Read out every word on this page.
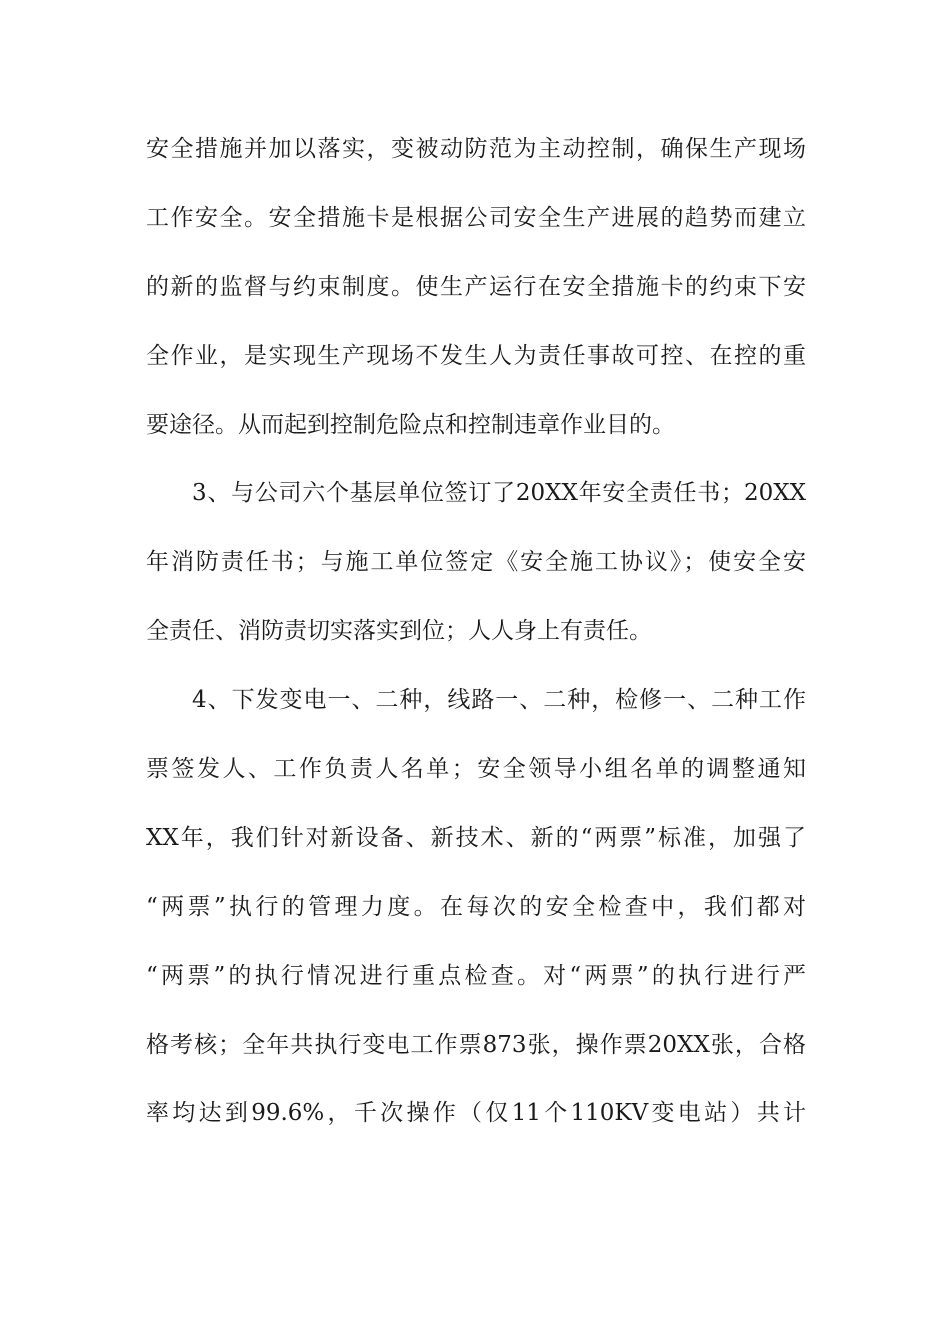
安全措施并加以落实，变被动防范为主动控制，确保生产现场
工作安全。安全措施卡是根据公司安全生产进展的趋势而建立
的新的监督与约束制度。使生产运行在安全措施卡的约束下安
全作业，是实现生产现场不发生人为责任事故可控、在控的重
要途径。从而起到控制危险点和控制违章作业目的。
3、与公司六个基层单位签订了20XX年安全责任书；20XX
年消防责任书；与施工单位签定《安全施工协议》；使安全安
全责任、消防责切实落实到位；人人身上有责任。
4、下发变电一、二种，线路一、二种，检修一、二种工作
票签发人、工作负责人名单；安全领导小组名单的调整通知
XX年，我们针对新设备、新技术、新的“两票”标准，加强了
“两票”执行的管理力度。在每次的安全检查中，我们都对
“两票”的执行情况进行重点检查。对“两票”的执行进行严
格考核；全年共执行变电工作票873张，操作票20XX张，合格
率均达到99.6%，千次操作（仅11个110KV变电站）共计
